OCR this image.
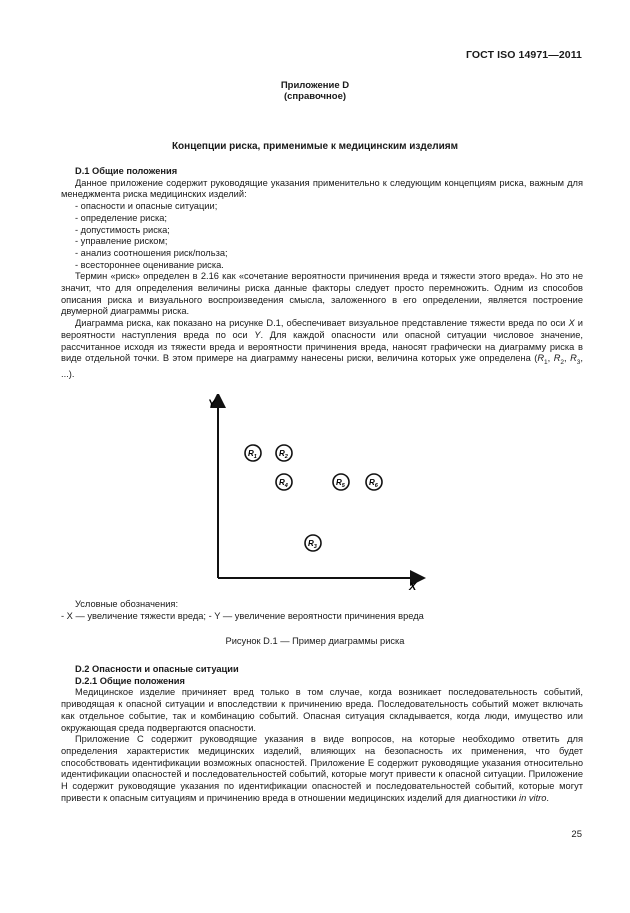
ГОСТ ISO 14971—2011
Приложение D
(справочное)
Концепции риска, применимые к медицинским изделиям
D.1 Общие положения

Данное приложение содержит руководящие указания применительно к следующим концепциям риска, важным для менеджмента риска медицинских изделий:

- опасности и опасные ситуации;

- определение риска;

- допустимость риска;

- управление риском;

- анализ соотношения риск/польза;

- всестороннее оценивание риска.

Термин «риск» определен в 2.16 как «сочетание вероятности причинения вреда и тяжести этого вреда». Но это не значит, что для определения величины риска данные факторы следует просто перемножить. Одним из способов описания риска и визуального воспроизведения смысла, заложенного в его определении, является построение двумерной диаграммы риска.

Диаграмма риска, как показано на рисунке D.1, обеспечивает визуальное представление тяжести вреда по оси X и вероятности наступления вреда по оси Y. Для каждой опасности или опасной ситуации числовое значение, рассчитанное исходя из тяжести вреда и вероятности причинения вреда, наносят графически на диаграмму риска в виде отдельной точки. В этом примере на диаграмму нанесены риски, величина которых уже определена ($R_1$, $R_2$, $R_3$, ...).

Y
X
$R_1$	$R_2$
$R_4$	$R_5$	$R_6$
$R_3$
Условные обозначения:
- X — увеличение тяжести вреда; - Y — увеличение вероятности причинения вреда
Рисунок D.1 — Пример диаграммы риска
D.2 Опасности и опасные ситуации
D.2.1 Общие положения

Медицинское изделие причиняет вред только в том случае, когда возникает последовательность событий, приводящая к опасной ситуации и впоследствии к причинению вреда. Последовательность событий может включать как отдельное событие, так и комбинацию событий. Опасная ситуация складывается, когда люди, имущество или окружающая среда подвергаются опасности.

Приложение С содержит руководящие указания в виде вопросов, на которые необходимо ответить для определения характеристик медицинских изделий, влияющих на безопасность их применения, что будет способствовать идентификации возможных опасностей. Приложение Е содержит руководящие указания относительно идентификации опасностей и последовательностей событий, которые могут привести к опасной ситуации. Приложение Н содержит руководящие указания по идентификации опасностей и последовательностей событий, которые могут привести к опасным ситуациям и причинению вреда в отношении медицинских изделий для диагностики in vitro.

25
